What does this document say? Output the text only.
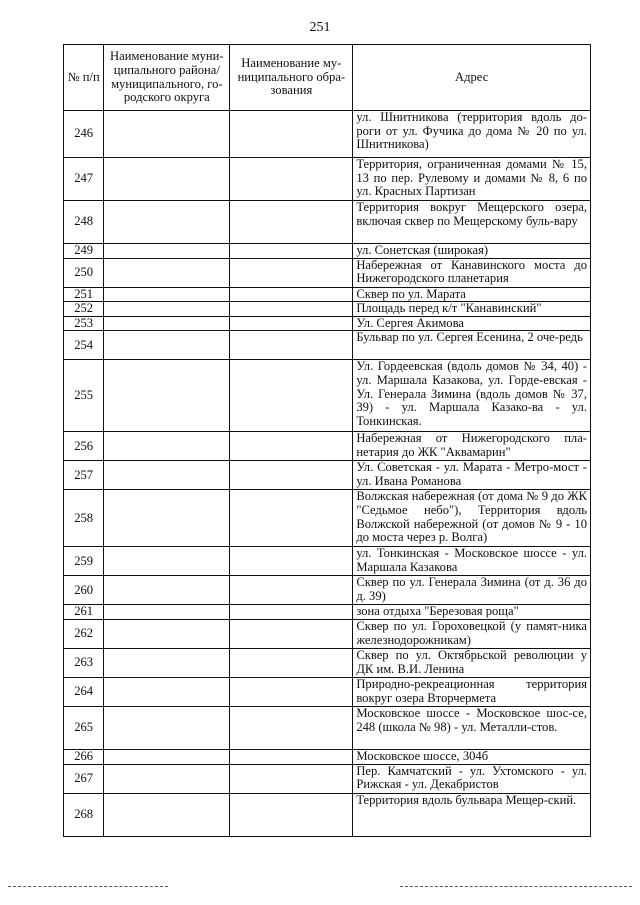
251
№ п/п	Наименование муни-ципального района/ муниципального, го-родского округа	Наименование му-ниципального обра-зования	Адрес
246			ул. Шнитникова (территория вдоль до-роги от ул. Фучика до дома № 20 по ул. Шнитникова)
247			Территория, ограниченная домами № 15, 13 по пер. Рулевому и домами № 8, 6 по ул. Красных Партизан
248			Территория вокруг Мещерского озера, включая сквер по Мещерскому буль-вару
249			ул. Сонетская (широкая)
250			Набережная от Канавинского моста до Нижегородского планетария
251			Сквер по ул. Марата
252			Площадь перед к/т "Канавинский"
253			Ул. Сергея Акимова
254			Бульвар по ул. Сергея Есенина, 2 оче-редь
255			Ул. Гордеевская (вдоль домов № 34, 40) - ул. Маршала Казакова, ул. Горде-евская - Ул. Генерала Зимина (вдоль домов № 37, 39) - ул. Маршала Казако-ва - ул. Тонкинская.
256			Набережная от Нижегородского пла-нетария до ЖК "Аквамарин"
257			Ул. Советская - ул. Марата - Метро-мост - ул. Ивана Романова
258			Волжская набережная (от дома № 9 до ЖК "Седьмое небо"), Территория вдоль Волжской набережной (от домов № 9 - 10 до моста через р. Волга)
259			ул. Тонкинская - Московское шоссе - ул. Маршала Казакова
260			Сквер по ул. Генерала Зимина (от д. 36 до д. 39)
261			зона отдыха "Березовая роща"
262			Сквер по ул. Гороховецкой (у памят-ника железнодорожникам)
263			Сквер по ул. Октябрьской революции у ДК им. В.И. Ленина
264			Природно-рекреационная территория вокруг озера Вторчермета
265			Московское шоссе - Московское шос-се, 248 (школа № 98) - ул. Металли-стов.
266			Московское шоссе, 304б
267			Пер. Камчатский - ул. Ухтомского - ул. Рижская - ул. Декабристов
268			Территория вдоль бульвара Мещер-ский.
